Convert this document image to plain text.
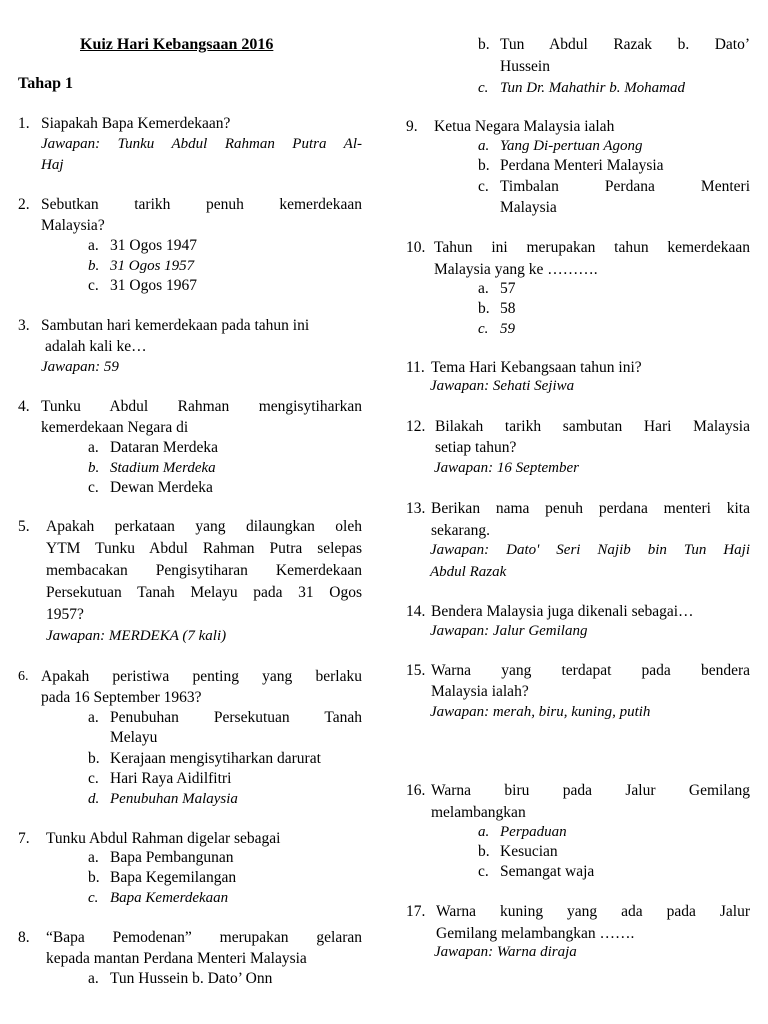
Kuiz Hari Kebangsaan 2016
Tahap 1
1. Siapakah Bapa Kemerdekaan?
Jawapan: Tunku Abdul Rahman Putra Al-
Haj
2. Sebutkan tarikh penuh kemerdekaan
Malaysia?
a. 31 Ogos 1947
b. 31 Ogos 1957
c. 31 Ogos 1967
3. Sambutan hari kemerdekaan pada tahun ini
adalah kali ke…
Jawapan: 59
4. Tunku Abdul Rahman mengisytiharkan
kemerdekaan Negara di
a. Dataran Merdeka
b. Stadium Merdeka
c. Dewan Merdeka
5. Apakah perkataan yang dilaungkan oleh
YTM Tunku Abdul Rahman Putra selepas
membacakan Pengisytiharan Kemerdekaan
Persekutuan Tanah Melayu pada 31 Ogos
1957?
Jawapan: MERDEKA (7 kali)
6. Apakah peristiwa penting yang berlaku
pada 16 September 1963?
a. Penubuhan Persekutuan Tanah
Melayu
b. Kerajaan mengisytiharkan darurat
c. Hari Raya Aidilfitri
d. Penubuhan Malaysia
7. Tunku Abdul Rahman digelar sebagai
a. Bapa Pembangunan
b. Bapa Kegemilangan
c. Bapa Kemerdekaan
8. “Bapa Pemodenan” merupakan gelaran
kepada mantan Perdana Menteri Malaysia
a. Tun Hussein b. Dato’ Onn
b. Tun Abdul Razak b. Dato’
Hussein
c. Tun Dr. Mahathir b. Mohamad
9. Ketua Negara Malaysia ialah
a. Yang Di-pertuan Agong
b. Perdana Menteri Malaysia
c. Timbalan Perdana Menteri
Malaysia
10. Tahun ini merupakan tahun kemerdekaan
Malaysia yang ke ……….
a. 57
b. 58
c. 59
11. Tema Hari Kebangsaan tahun ini?
Jawapan: Sehati Sejiwa
12. Bilakah tarikh sambutan Hari Malaysia
setiap tahun?
Jawapan: 16 September
13. Berikan nama penuh perdana menteri kita
sekarang.
Jawapan: Dato' Seri Najib bin Tun Haji
Abdul Razak
14. Bendera Malaysia juga dikenali sebagai…
Jawapan: Jalur Gemilang
15. Warna yang terdapat pada bendera
Malaysia ialah?
Jawapan: merah, biru, kuning, putih
16. Warna biru pada Jalur Gemilang
melambangkan
a. Perpaduan
b. Kesucian
c. Semangat waja
17. Warna kuning yang ada pada Jalur
Gemilang melambangkan …….
Jawapan: Warna diraja
